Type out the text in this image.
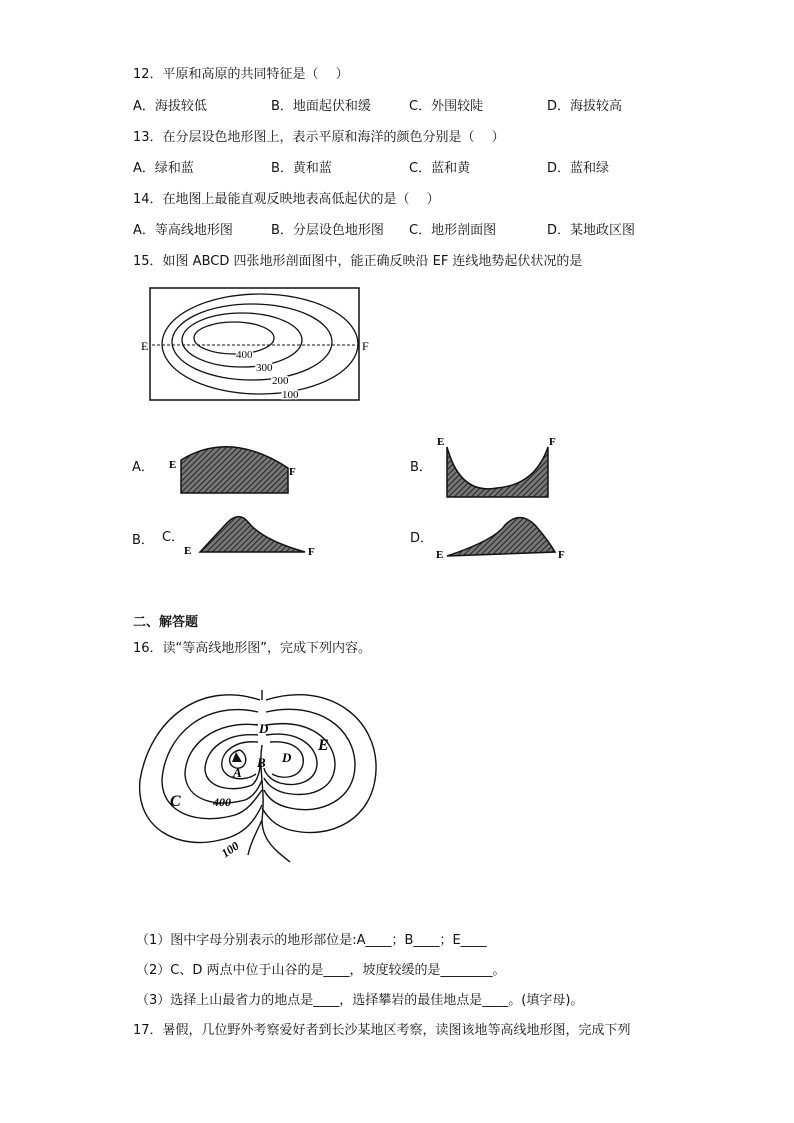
12．平原和高原的共同特征是（　 ）
A．海拔较低	B．地面起伏和缓	C．外围较陡	D．海拔较高
13．在分层设色地形图上，表示平原和海洋的颜色分别是（　 ）
A．绿和蓝	B．黄和蓝	C．蓝和黄	D．蓝和绿
14．在地图上最能直观反映地表高低起伏的是（　 ）
A．等高线地形图	B．分层设色地形图 C．地形剖面图	D．某地政区图
15．如图 ABCD 四张地形剖面图中，能正确反映沿 EF 连线地势起伏状况的是
E	F
400
300
200
100
E
F
E	F
E	F	E	F
D
A
B D
E
C	400
100
A．	B．
B． C．	D．
二、解答题
16．读“等高线地形图”，完成下列内容。
（1）图中字母分别表示的地形部位是:A____；B____；E____
（2）C、D 两点中位于山谷的是____，坡度较缓的是________。
（3）选择上山最省力的地点是____，选择攀岩的最佳地点是____。(填字母)。
17．暑假，几位野外考察爱好者到长沙某地区考察，读图该地等高线地形图，完成下列
